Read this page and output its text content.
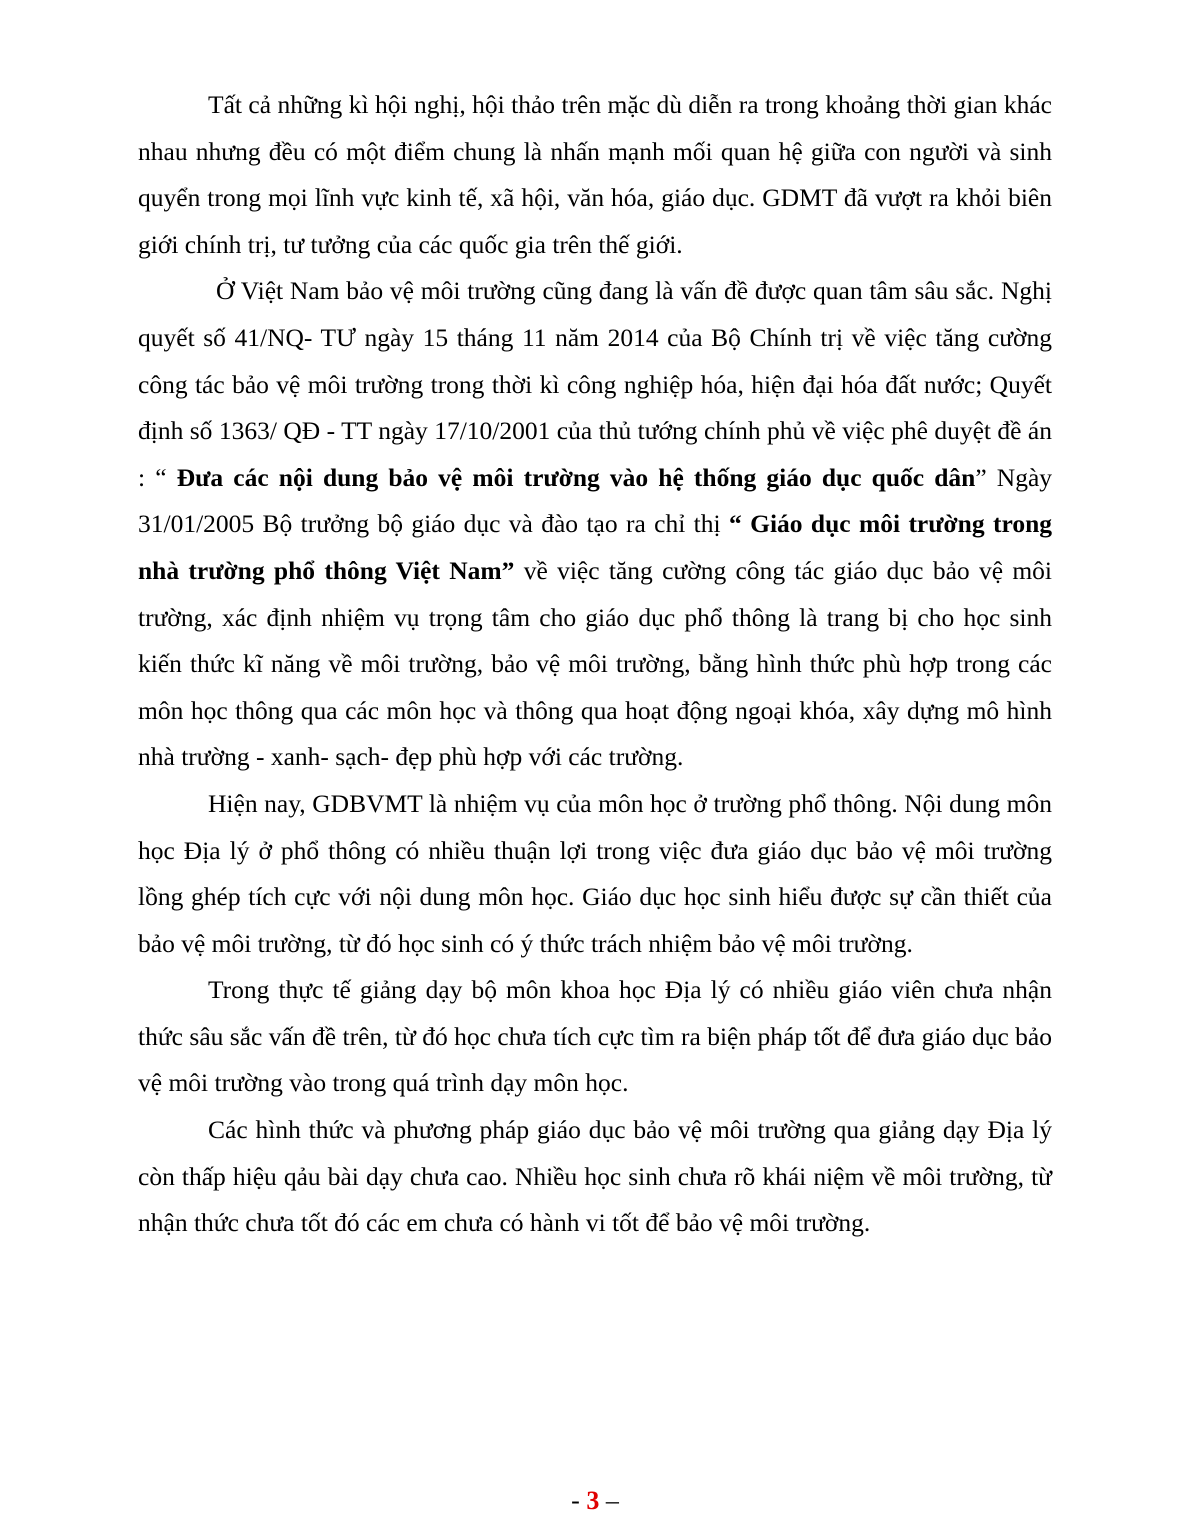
Tất cả những kì hội nghị, hội thảo trên mặc dù diễn ra trong khoảng thời gian khác nhau nhưng đều có một điểm chung là nhấn mạnh mối quan hệ giữa con người và sinh quyển trong mọi lĩnh vực kinh tế, xã hội, văn hóa, giáo dục. GDMT đã vượt ra khỏi biên giới chính trị, tư tưởng của các quốc gia trên thế giới.

Ở Việt Nam bảo vệ môi trường cũng đang là vấn đề được quan tâm sâu sắc. Nghị quyết số 41/NQ- TƯ ngày 15 tháng 11 năm 2014 của Bộ Chính trị về việc tăng cường công tác bảo vệ môi trường trong thời kì công nghiệp hóa, hiện đại hóa đất nước; Quyết định số 1363/ QĐ - TT ngày 17/10/2001 của thủ tướng chính phủ về việc phê duyệt đề án : “ Đưa các nội dung bảo vệ môi trường vào hệ thống giáo dục quốc dân” Ngày 31/01/2005 Bộ trưởng bộ giáo dục và đào tạo ra chỉ thị “ Giáo dục môi trường trong nhà trường phổ thông Việt Nam” về việc tăng cường công tác giáo dục bảo vệ môi trường, xác định nhiệm vụ trọng tâm cho giáo dục phổ thông là trang bị cho học sinh kiến thức kĩ năng về môi trường, bảo vệ môi trường, bằng hình thức phù hợp trong các môn học thông qua các môn học và thông qua hoạt động ngoại khóa, xây dựng mô hình nhà trường - xanh- sạch- đẹp phù hợp với các trường.

Hiện nay, GDBVMT là nhiệm vụ của môn học ở trường phổ thông. Nội dung môn học Địa lý ở phổ thông có nhiều thuận lợi trong việc đưa giáo dục bảo vệ môi trường lồng ghép tích cực với nội dung môn học. Giáo dục học sinh hiểu được sự cần thiết của bảo vệ môi trường, từ đó học sinh có ý thức trách nhiệm bảo vệ môi trường.

Trong thực tế giảng dạy bộ môn khoa học Địa lý có nhiều giáo viên chưa nhận thức sâu sắc vấn đề trên, từ đó học chưa tích cực tìm ra biện pháp tốt để đưa giáo dục bảo vệ môi trường vào trong quá trình dạy môn học.

Các hình thức và phương pháp giáo dục bảo vệ môi trường qua giảng dạy Địa lý còn thấp hiệu qảu bài dạy chưa cao. Nhiều học sinh chưa rõ khái niệm về môi trường, từ nhận thức chưa tốt đó các em chưa có hành vi tốt để bảo vệ môi trường.

- 3 –
